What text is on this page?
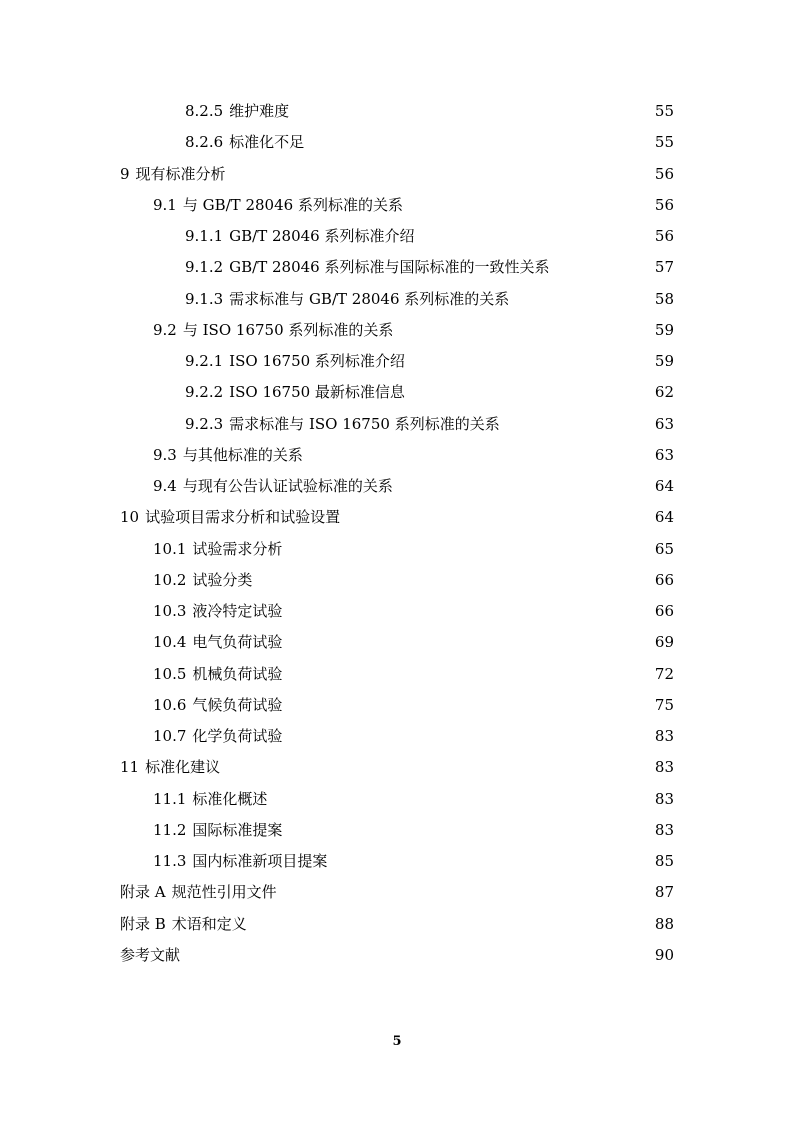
8.2.5 维护难度	55
8.2.6 标准化不足	55
9 现有标准分析	56
9.1 与 GB/T 28046 系列标准的关系	56
9.1.1 GB/T 28046 系列标准介绍	56
9.1.2 GB/T 28046 系列标准与国际标准的一致性关系	57
9.1.3 需求标准与 GB/T 28046 系列标准的关系	58
9.2 与 ISO 16750 系列标准的关系	59
9.2.1 ISO 16750 系列标准介绍	59
9.2.2 ISO 16750 最新标准信息	62
9.2.3 需求标准与 ISO 16750 系列标准的关系	63
9.3 与其他标准的关系	63
9.4 与现有公告认证试验标准的关系	64
10 试验项目需求分析和试验设置	64
10.1 试验需求分析	65
10.2 试验分类	66
10.3 液冷特定试验	66
10.4 电气负荷试验	69
10.5 机械负荷试验	72
10.6 气候负荷试验	75
10.7 化学负荷试验	83
11 标准化建议	83
11.1 标准化概述	83
11.2 国际标准提案	83
11.3 国内标准新项目提案	85
附录 A 规范性引用文件	87
附录 B 术语和定义	88
参考文献	90
5
